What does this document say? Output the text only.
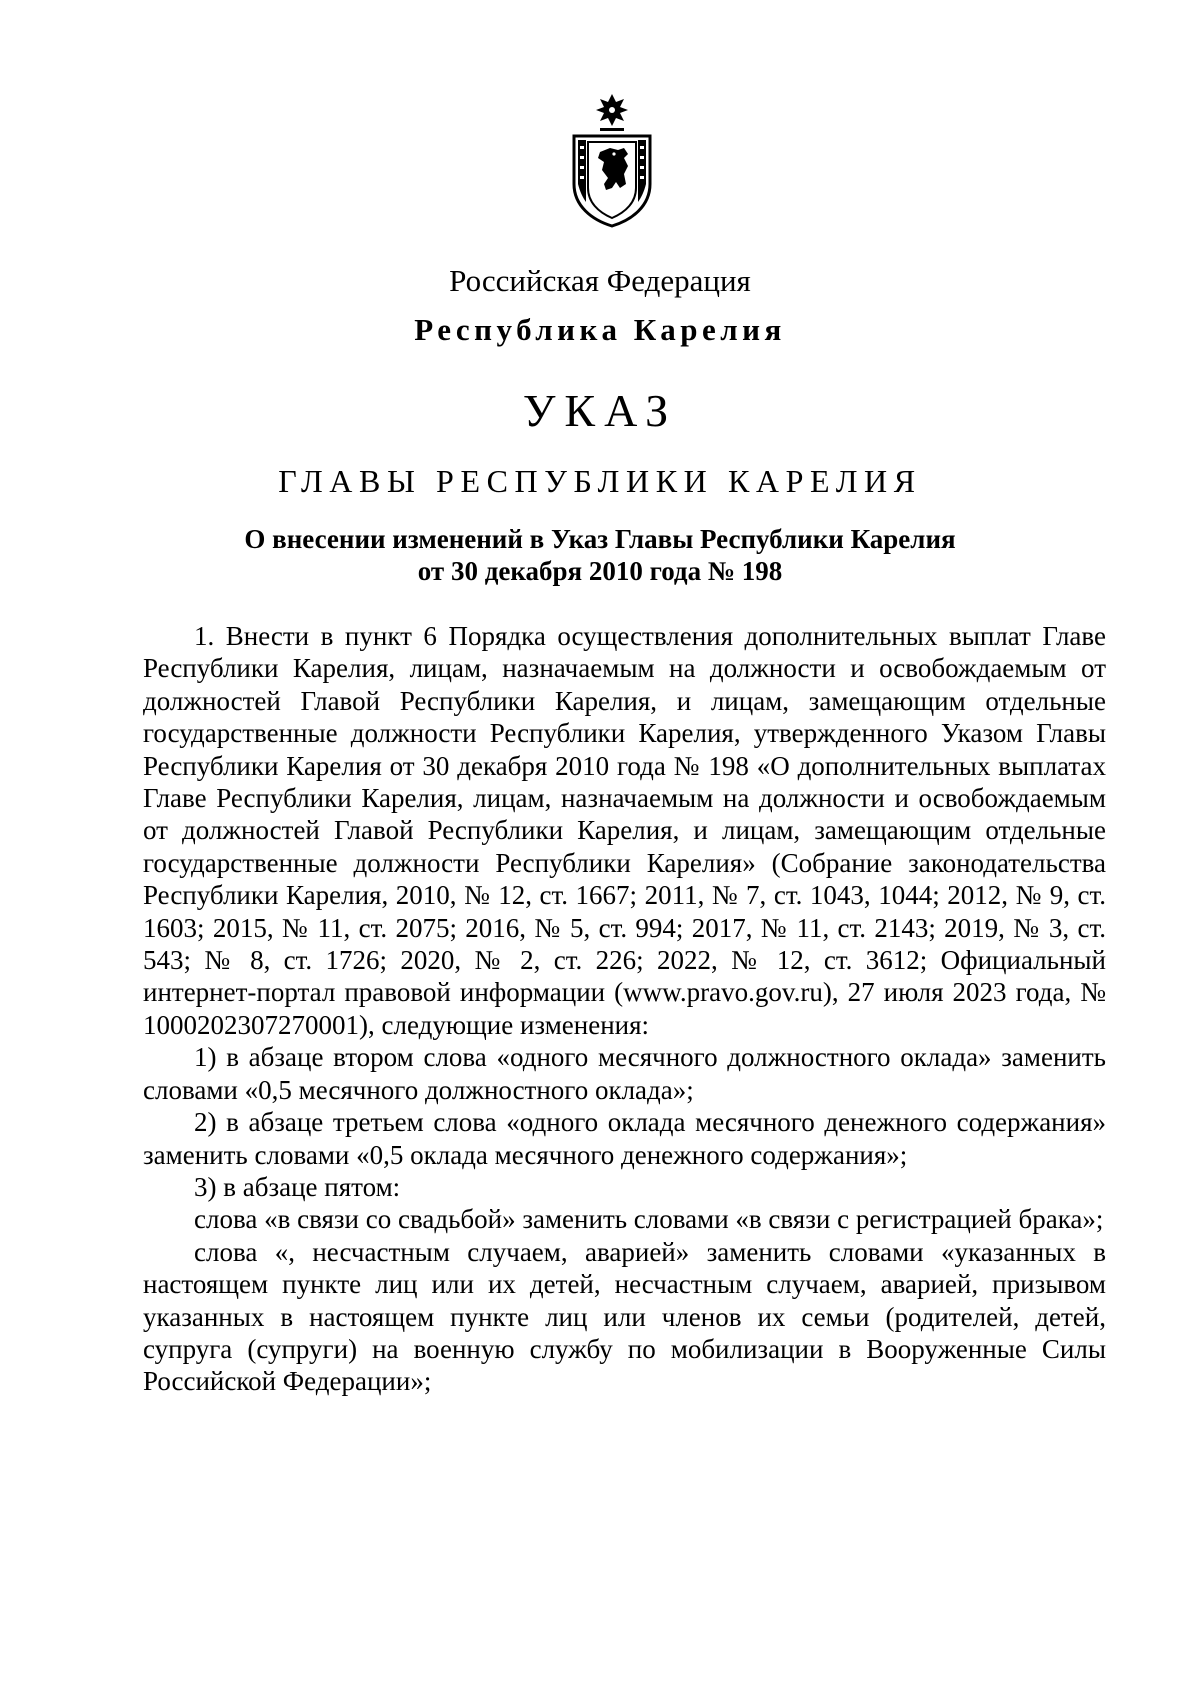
Российская Федерация
Республика Карелия
УКАЗ
ГЛАВЫ РЕСПУБЛИКИ КАРЕЛИЯ
О внесении изменений в Указ Главы Республики Карелия
от 30 декабря 2010 года № 198

1. Внести в пункт 6 Порядка осуществления дополнительных выплат Главе Республики Карелия, лицам, назначаемым на должности и освобождаемым от должностей Главой Республики Карелия, и лицам, замещающим отдельные государственные должности Республики Карелия, утвержденного Указом Главы Республики Карелия от 30 декабря 2010 года № 198 «О дополнительных выплатах Главе Республики Карелия, лицам, назначаемым на должности и освобождаемым от должностей Главой Республики Карелия, и лицам, замещающим отдельные государственные должности Республики Карелия» (Собрание законодательства Республики Карелия, 2010, № 12, ст. 1667; 2011, № 7, ст. 1043, 1044; 2012, № 9, ст. 1603; 2015, № 11, ст. 2075; 2016, № 5, ст. 994; 2017, № 11, ст. 2143; 2019, № 3, ст. 543; № 8, ст. 1726; 2020, № 2, ст. 226; 2022, № 12, ст. 3612; Официальный интернет-портал правовой информации (www.pravo.gov.ru), 27 июля 2023 года, № 1000202307270001), следующие изменения:

1) в абзаце втором слова «одного месячного должностного оклада» заменить словами «0,5 месячного должностного оклада»;

2) в абзаце третьем слова «одного оклада месячного денежного содержания» заменить словами «0,5 оклада месячного денежного содержания»;

3) в абзаце пятом:

слова «в связи со свадьбой» заменить словами «в связи с регистрацией брака»;

слова «, несчастным случаем, аварией» заменить словами «указанных в настоящем пункте лиц или их детей, несчастным случаем, аварией, призывом указанных в настоящем пункте лиц или членов их семьи (родителей, детей, супруга (супруги) на военную службу по мобилизации в Вооруженные Силы Российской Федерации»;
